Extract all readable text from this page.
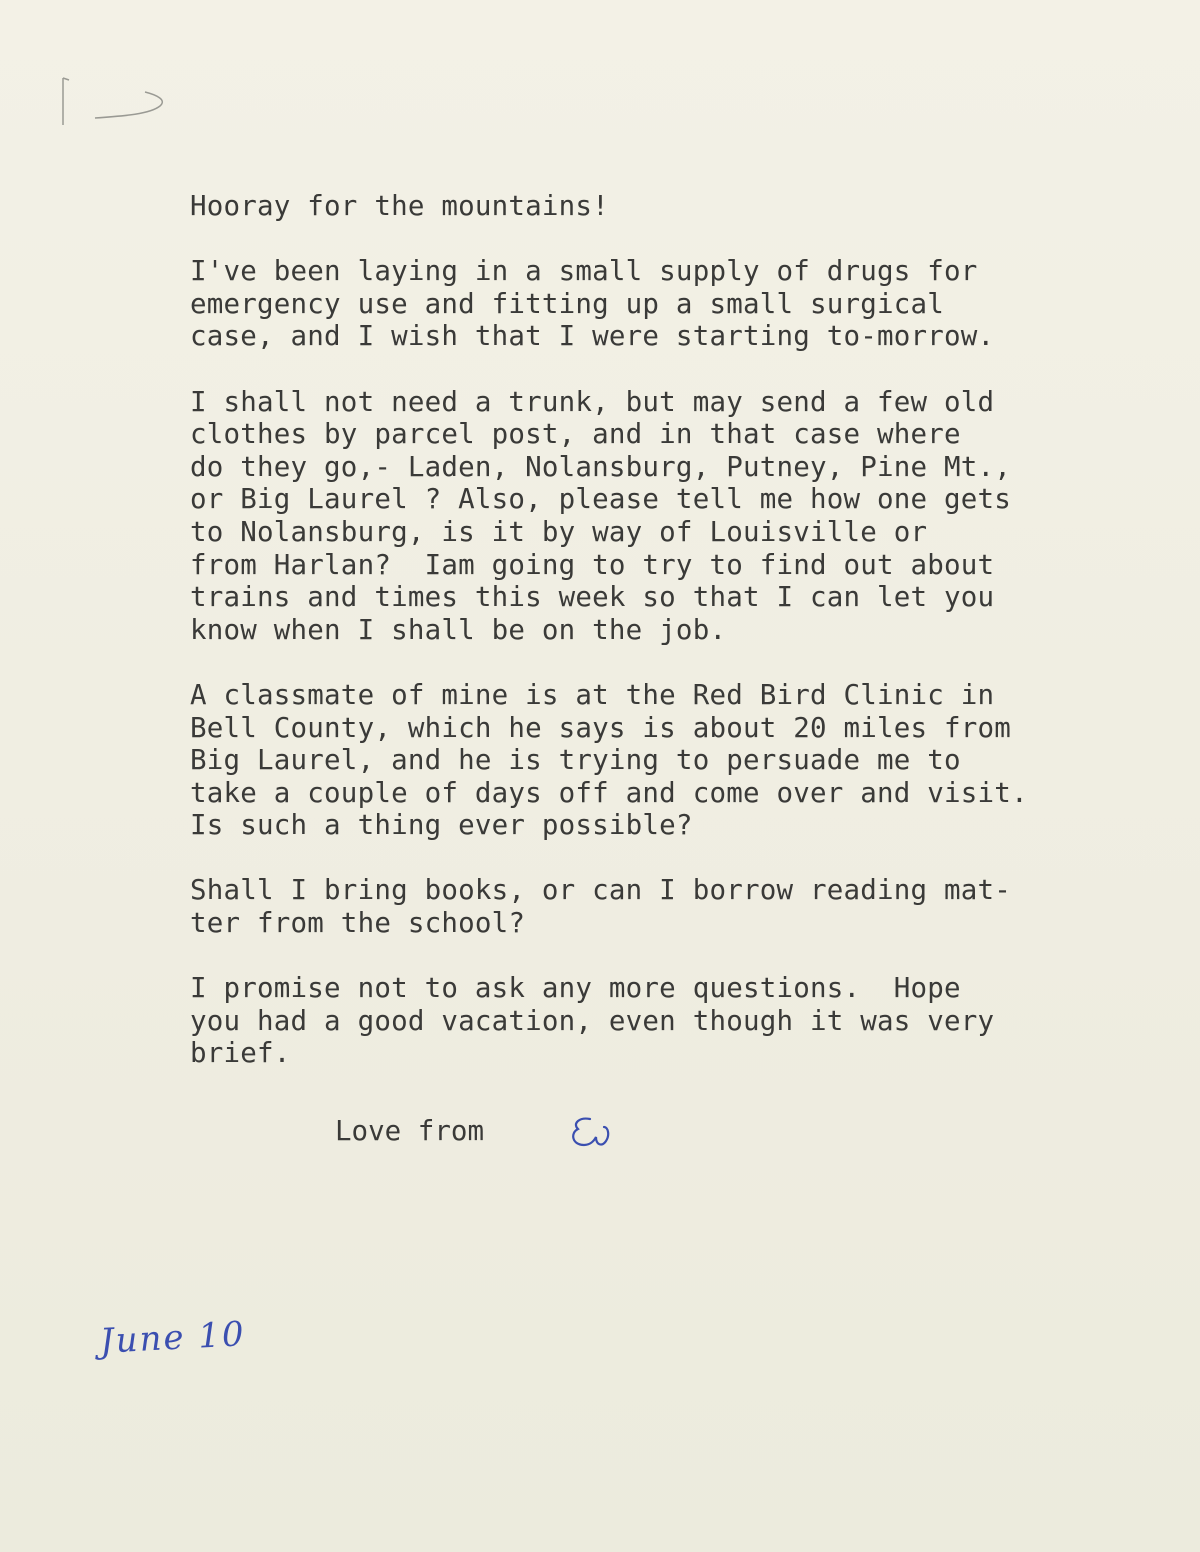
Hooray for the mountains!
I've been laying in a small supply of drugs for
emergency use and fitting up a small surgical
case, and I wish that I were starting to-morrow.
I shall not need a trunk, but may send a few old
clothes by parcel post, and in that case where
do they go,- Laden, Nolansburg, Putney, Pine Mt.,
or Big Laurel ? Also, please tell me how one gets
to Nolansburg, is it by way of Louisville or
from Harlan?  Iam going to try to find out about
trains and times this week so that I can let you
know when I shall be on the job.
A classmate of mine is at the Red Bird Clinic in
Bell County, which he says is about 20 miles from
Big Laurel, and he is trying to persuade me to
take a couple of days off and come over and visit.
Is such a thing ever possible?
Shall I bring books, or can I borrow reading mat-
ter from the school?
I promise not to ask any more questions.  Hope
you had a good vacation, even though it was very
brief.
Love from
June 10
